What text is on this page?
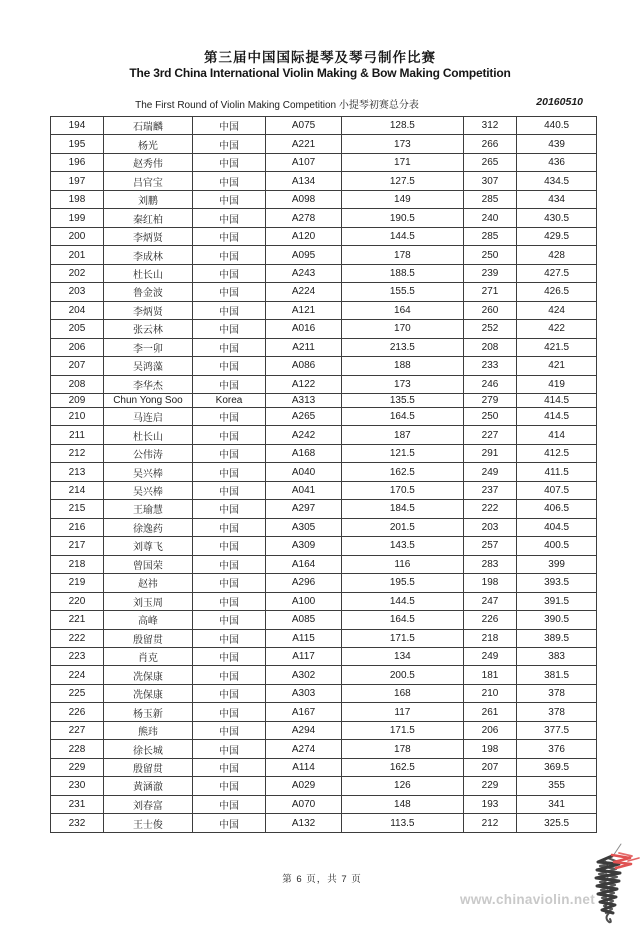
第三届中国国际提琴及琴弓制作比赛
The 3rd China International Violin Making & Bow Making Competition
The First Round of Violin Making Competition 小提琴初赛总分表	20160510
194	石瑞麟	中国	A075	128.5	312	440.5
195	杨光	中国	A221	173	266	439
196	赵秀伟	中国	A107	171	265	436
197	吕官宝	中国	A134	127.5	307	434.5
198	刘鹏	中国	A098	149	285	434
199	秦红柏	中国	A278	190.5	240	430.5
200	李炳贤	中国	A120	144.5	285	429.5
201	李成林	中国	A095	178	250	428
202	杜长山	中国	A243	188.5	239	427.5
203	鲁金波	中国	A224	155.5	271	426.5
204	李炳贤	中国	A121	164	260	424
205	张云林	中国	A016	170	252	422
206	李一卯	中国	A211	213.5	208	421.5
207	吴鸿藻	中国	A086	188	233	421
208	李华杰	中国	A122	173	246	419
209	Chun Yong Soo	Korea	A313	135.5	279	414.5
210	马连启	中国	A265	164.5	250	414.5
211	杜长山	中国	A242	187	227	414
212	公伟涛	中国	A168	121.5	291	412.5
213	吴兴棒	中国	A040	162.5	249	411.5
214	吴兴棒	中国	A041	170.5	237	407.5
215	王瑜慧	中国	A297	184.5	222	406.5
216	徐逸药	中国	A305	201.5	203	404.5
217	刘尊飞	中国	A309	143.5	257	400.5
218	曾国荣	中国	A164	116	283	399
219	赵祎	中国	A296	195.5	198	393.5
220	刘玉周	中国	A100	144.5	247	391.5
221	高峰	中国	A085	164.5	226	390.5
222	殷留贯	中国	A115	171.5	218	389.5
223	肖克	中国	A117	134	249	383
224	冼保康	中国	A302	200.5	181	381.5
225	冼保康	中国	A303	168	210	378
226	杨玉新	中国	A167	117	261	378
227	熊玮	中国	A294	171.5	206	377.5
228	徐长城	中国	A274	178	198	376
229	殷留贯	中国	A114	162.5	207	369.5
230	黄涵澈	中国	A029	126	229	355
231	刘春富	中国	A070	148	193	341
232	王士俊	中国	A132	113.5	212	325.5
第 6 页，共 7 页
www.chinaviolin.net
